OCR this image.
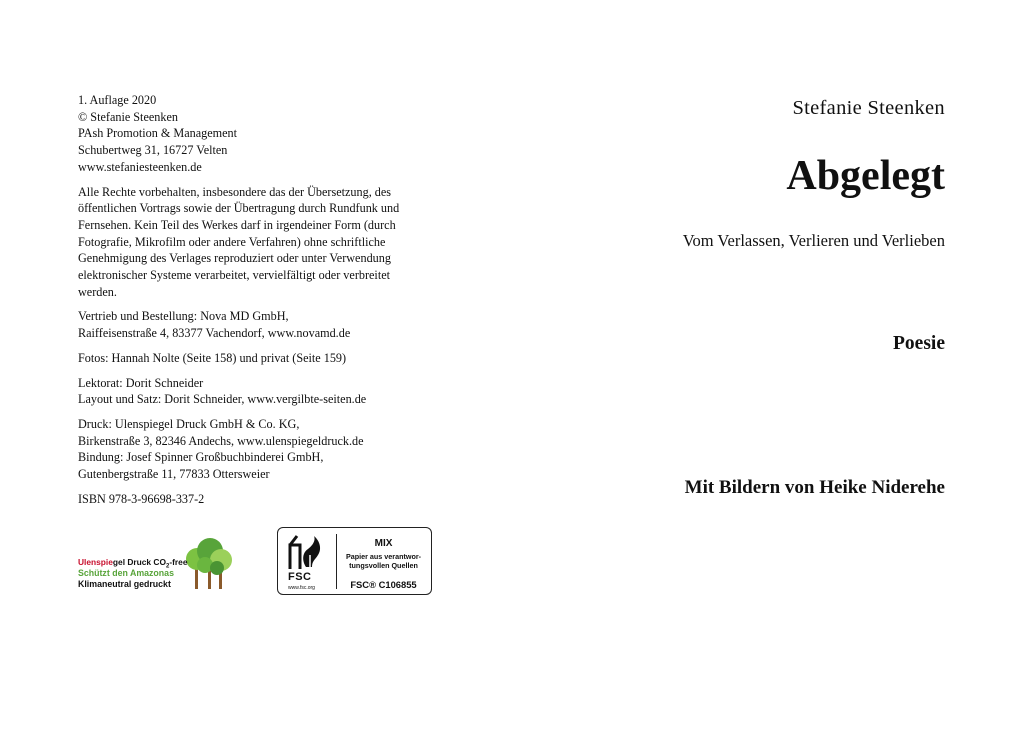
1. Auflage 2020
© Stefanie Steenken
PAsh Promotion & Management
Schubertweg 31, 16727 Velten
www.stefaniesteenken.de

Alle Rechte vorbehalten, insbesondere das der Übersetzung, des
öffentlichen Vortrags sowie der Übertragung durch Rundfunk und
Fernsehen. Kein Teil des Werkes darf in irgendeiner Form (durch
Fotografie, Mikrofilm oder andere Verfahren) ohne schriftliche
Genehmigung des Verlages reproduziert oder unter Verwendung
elektronischer Systeme verarbeitet, vervielfältigt oder verbreitet
werden.

Vertrieb und Bestellung: Nova MD GmbH,
Raiffeisenstraße 4, 83377 Vachendorf, www.novamd.de

Fotos: Hannah Nolte (Seite 158) und privat (Seite 159)

Lektorat: Dorit Schneider
Layout und Satz: Dorit Schneider, www.vergilbte-seiten.de

Druck: Ulenspiegel Druck GmbH & Co. KG,
Birkenstraße 3, 82346 Andechs, www.ulenspiegeldruck.de
Bindung: Josef Spinner Großbuchbinderei GmbH,
Gutenbergstraße 11, 77833 Ottersweier

ISBN 978-3-96698-337-2

Ulenspiegel Druck $CO_2$-free
Schützt den Amazonas
Klimaneutral gedruckt
FSC
www.fsc.org
MIX
Papier aus verantwor-
tungsvollen Quellen
FSC® C106855
Stefanie Steenken
Abgelegt
Vom Verlassen, Verlieren und Verlieben
Poesie
Mit Bildern von Heike Niderehe
